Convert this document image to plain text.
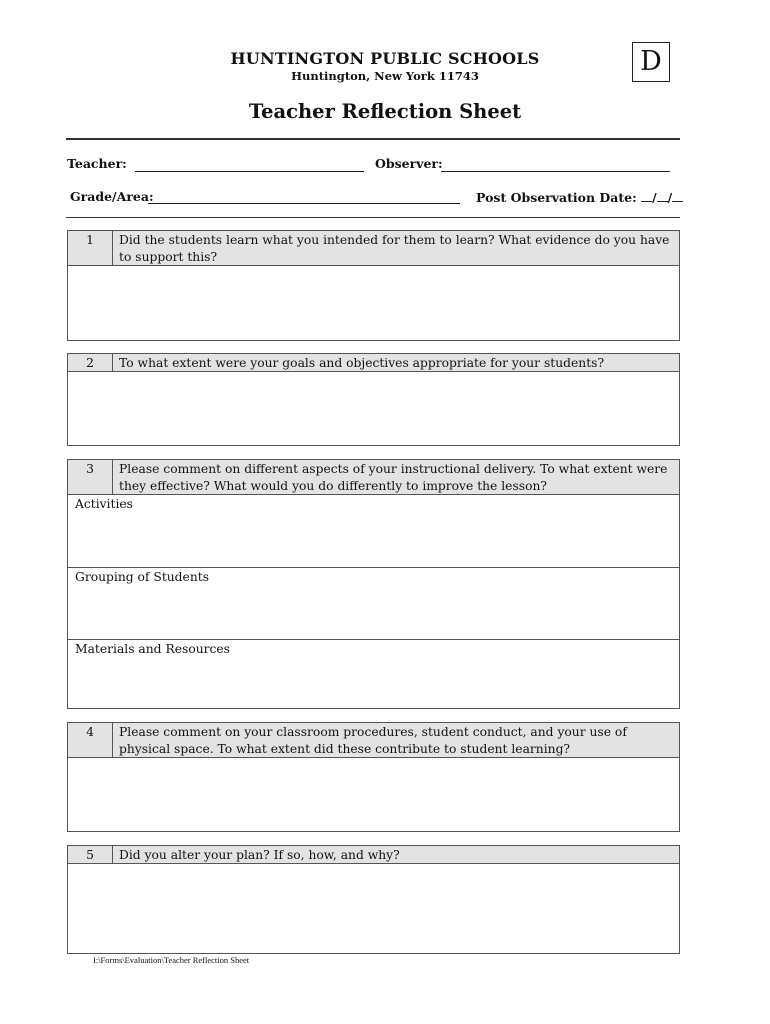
HUNTINGTON PUBLIC SCHOOLS
Huntington, New York 11743	D
Teacher Reflection Sheet
Teacher:	Observer:
Grade/Area:	Post Observation Date: / /
1	Did the students learn what you intended for them to learn? What evidence do you have to support this?
2	To what extent were your goals and objectives appropriate for your students?
3	Please comment on different aspects of your instructional delivery. To what extent were they effective? What would you do differently to improve the lesson?
Activities
Grouping of Students
Materials and Resources
4	Please comment on your classroom procedures, student conduct, and your use of physical space. To what extent did these contribute to student learning?
5	Did you alter your plan? If so, how, and why?
I:\Forms\Evaluation\Teacher Reflection Sheet
